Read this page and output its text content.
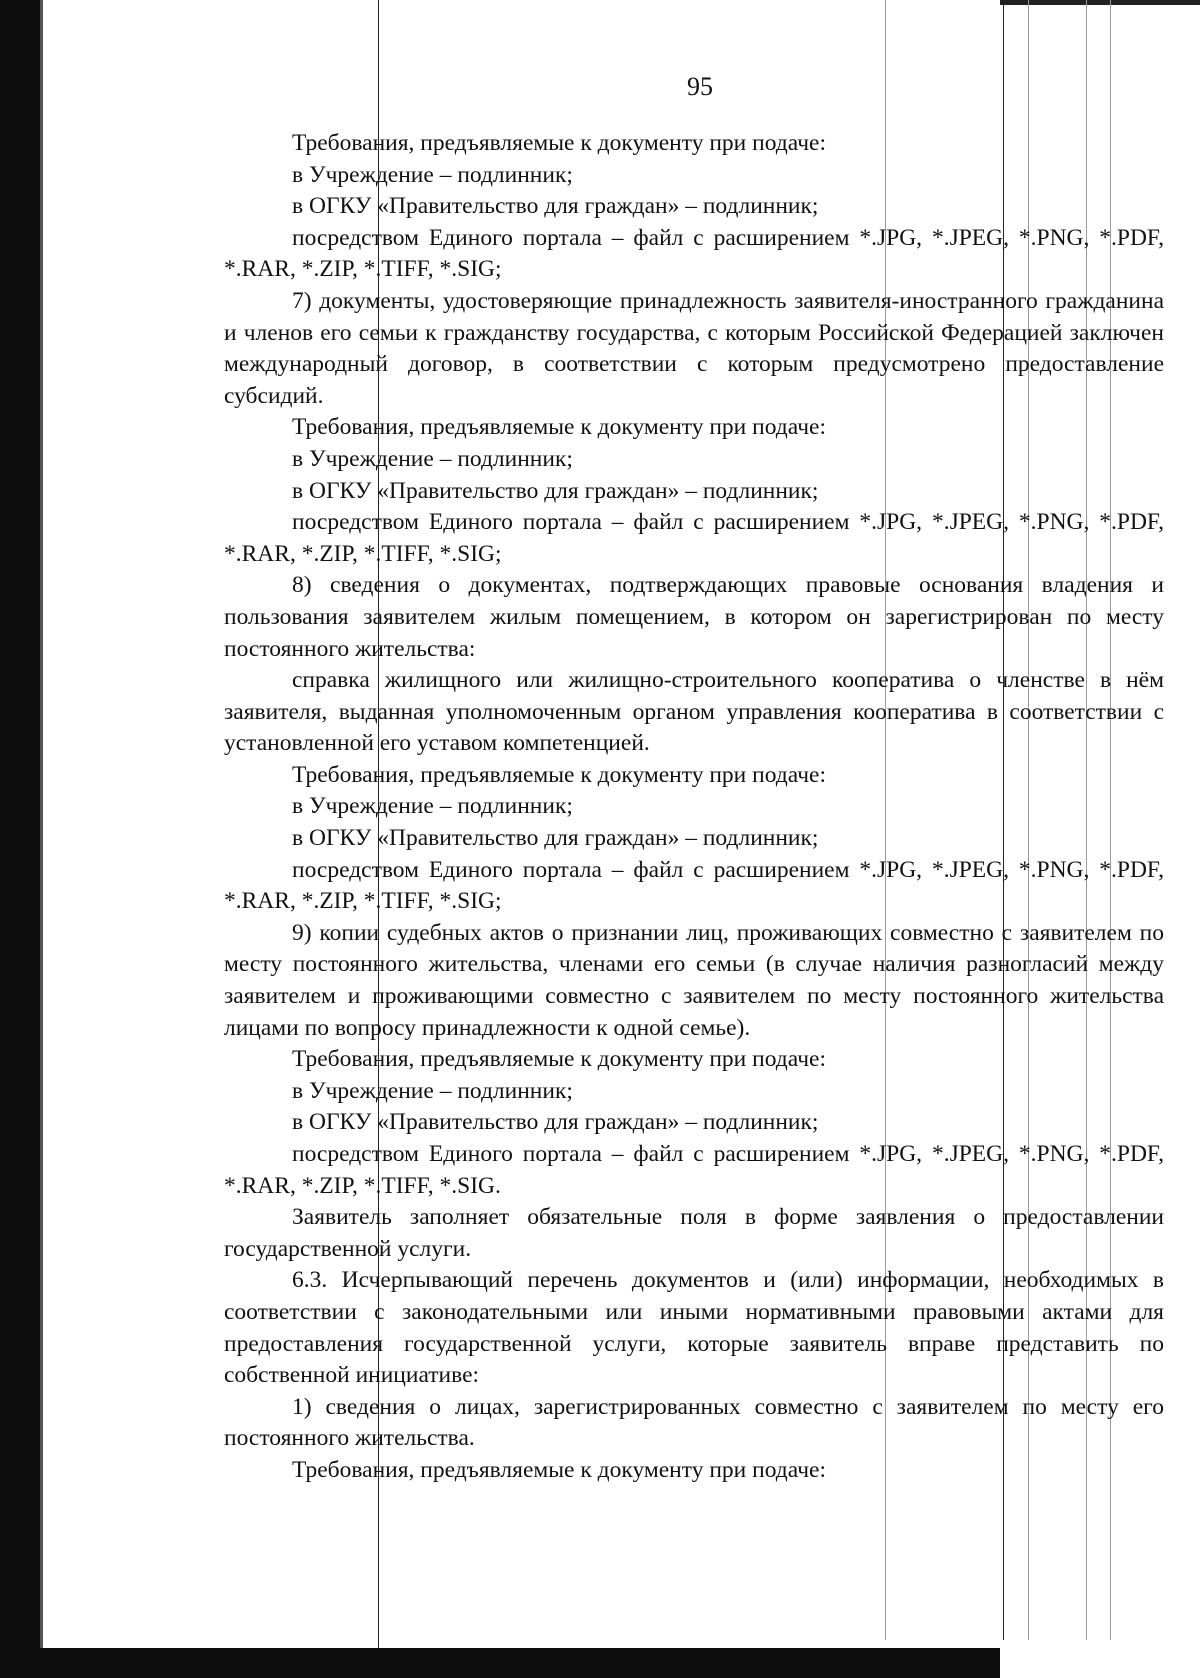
95

Требования, предъявляемые к документу при подаче:

в Учреждение – подлинник;

в ОГКУ «Правительство для граждан» – подлинник;

посредством Единого портала – файл с расширением *.JPG, *.JPEG, *.PNG, *.PDF, *.RAR, *.ZIP, *.TIFF, *.SIG;

7) документы, удостоверяющие принадлежность заявителя-иностранного гражданина и членов его семьи к гражданству государства, с которым Российской Федерацией заключен международный договор, в соответствии с которым предусмотрено предоставление субсидий.

Требования, предъявляемые к документу при подаче:

в Учреждение – подлинник;

в ОГКУ «Правительство для граждан» – подлинник;

посредством Единого портала – файл с расширением *.JPG, *.JPEG, *.PNG, *.PDF, *.RAR, *.ZIP, *.TIFF, *.SIG;

8) сведения о документах, подтверждающих правовые основания владения и пользования заявителем жилым помещением, в котором он зарегистрирован по месту постоянного жительства:

справка жилищного или жилищно-строительного кооператива о членстве в нём заявителя, выданная уполномоченным органом управления кооператива в соответствии с установленной его уставом компетенцией.

Требования, предъявляемые к документу при подаче:

в Учреждение – подлинник;

в ОГКУ «Правительство для граждан» – подлинник;

посредством Единого портала – файл с расширением *.JPG, *.JPEG, *.PNG, *.PDF, *.RAR, *.ZIP, *.TIFF, *.SIG;

9) копии судебных актов о признании лиц, проживающих совместно с заявителем по месту постоянного жительства, членами его семьи (в случае наличия разногласий между заявителем и проживающими совместно с заявителем по месту постоянного жительства лицами по вопросу принадлежности к одной семье).

Требования, предъявляемые к документу при подаче:

в Учреждение – подлинник;

в ОГКУ «Правительство для граждан» – подлинник;

посредством Единого портала – файл с расширением *.JPG, *.JPEG, *.PNG, *.PDF, *.RAR, *.ZIP, *.TIFF, *.SIG.

Заявитель заполняет обязательные поля в форме заявления о предоставлении государственной услуги.

6.3. Исчерпывающий перечень документов и (или) информации, необходимых в соответствии с законодательными или иными нормативными правовыми актами для предоставления государственной услуги, которые заявитель вправе представить по собственной инициативе:

1) сведения о лицах, зарегистрированных совместно с заявителем по месту его постоянного жительства.

Требования, предъявляемые к документу при подаче:
